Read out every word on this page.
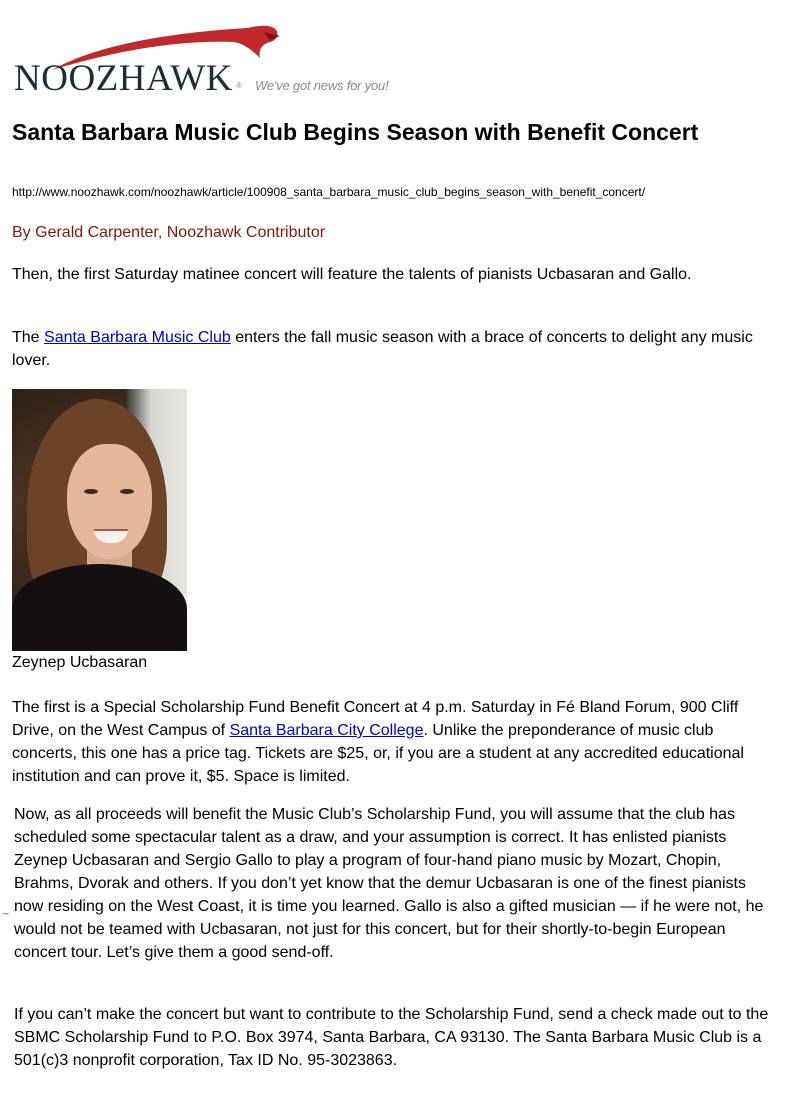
NOOZHAWK ® We've got news for you!
Santa Barbara Music Club Begins Season with Benefit Concert
http://www.noozhawk.com/noozhawk/article/100908_santa_barbara_music_club_begins_season_with_benefit_concert/
By Gerald Carpenter, Noozhawk Contributor

Then, the first Saturday matinee concert will feature the talents of pianists Ucbasaran and Gallo.

The Santa Barbara Music Club enters the fall music season with a brace of concerts to delight any music lover.

Zeynep Ucbasaran

The first is a Special Scholarship Fund Benefit Concert at 4 p.m. Saturday in Fé Bland Forum, 900 Cliff Drive, on the West Campus of Santa Barbara City College. Unlike the preponderance of music club concerts, this one has a price tag. Tickets are $25, or, if you are a student at any accredited educational institution and can prove it, $5. Space is limited.

Now, as all proceeds will benefit the Music Club’s Scholarship Fund, you will assume that the club has scheduled some spectacular talent as a draw, and your assumption is correct. It has enlisted pianists Zeynep Ucbasaran and Sergio Gallo to play a program of four-hand piano music by Mozart, Chopin, Brahms, Dvorak and others. If you don’t yet know that the demur Ucbasaran is one of the finest pianists now residing on the West Coast, it is time you learned. Gallo is also a gifted musician — if he were not, he would not be teamed with Ucbasaran, not just for this concert, but for their shortly-to-begin European concert tour. Let’s give them a good send-off.

_

If you can’t make the concert but want to contribute to the Scholarship Fund, send a check made out to the SBMC Scholarship Fund to P.O. Box 3974, Santa Barbara, CA 93130. The Santa Barbara Music Club is a 501(c)3 nonprofit corporation, Tax ID No. 95-3023863.
